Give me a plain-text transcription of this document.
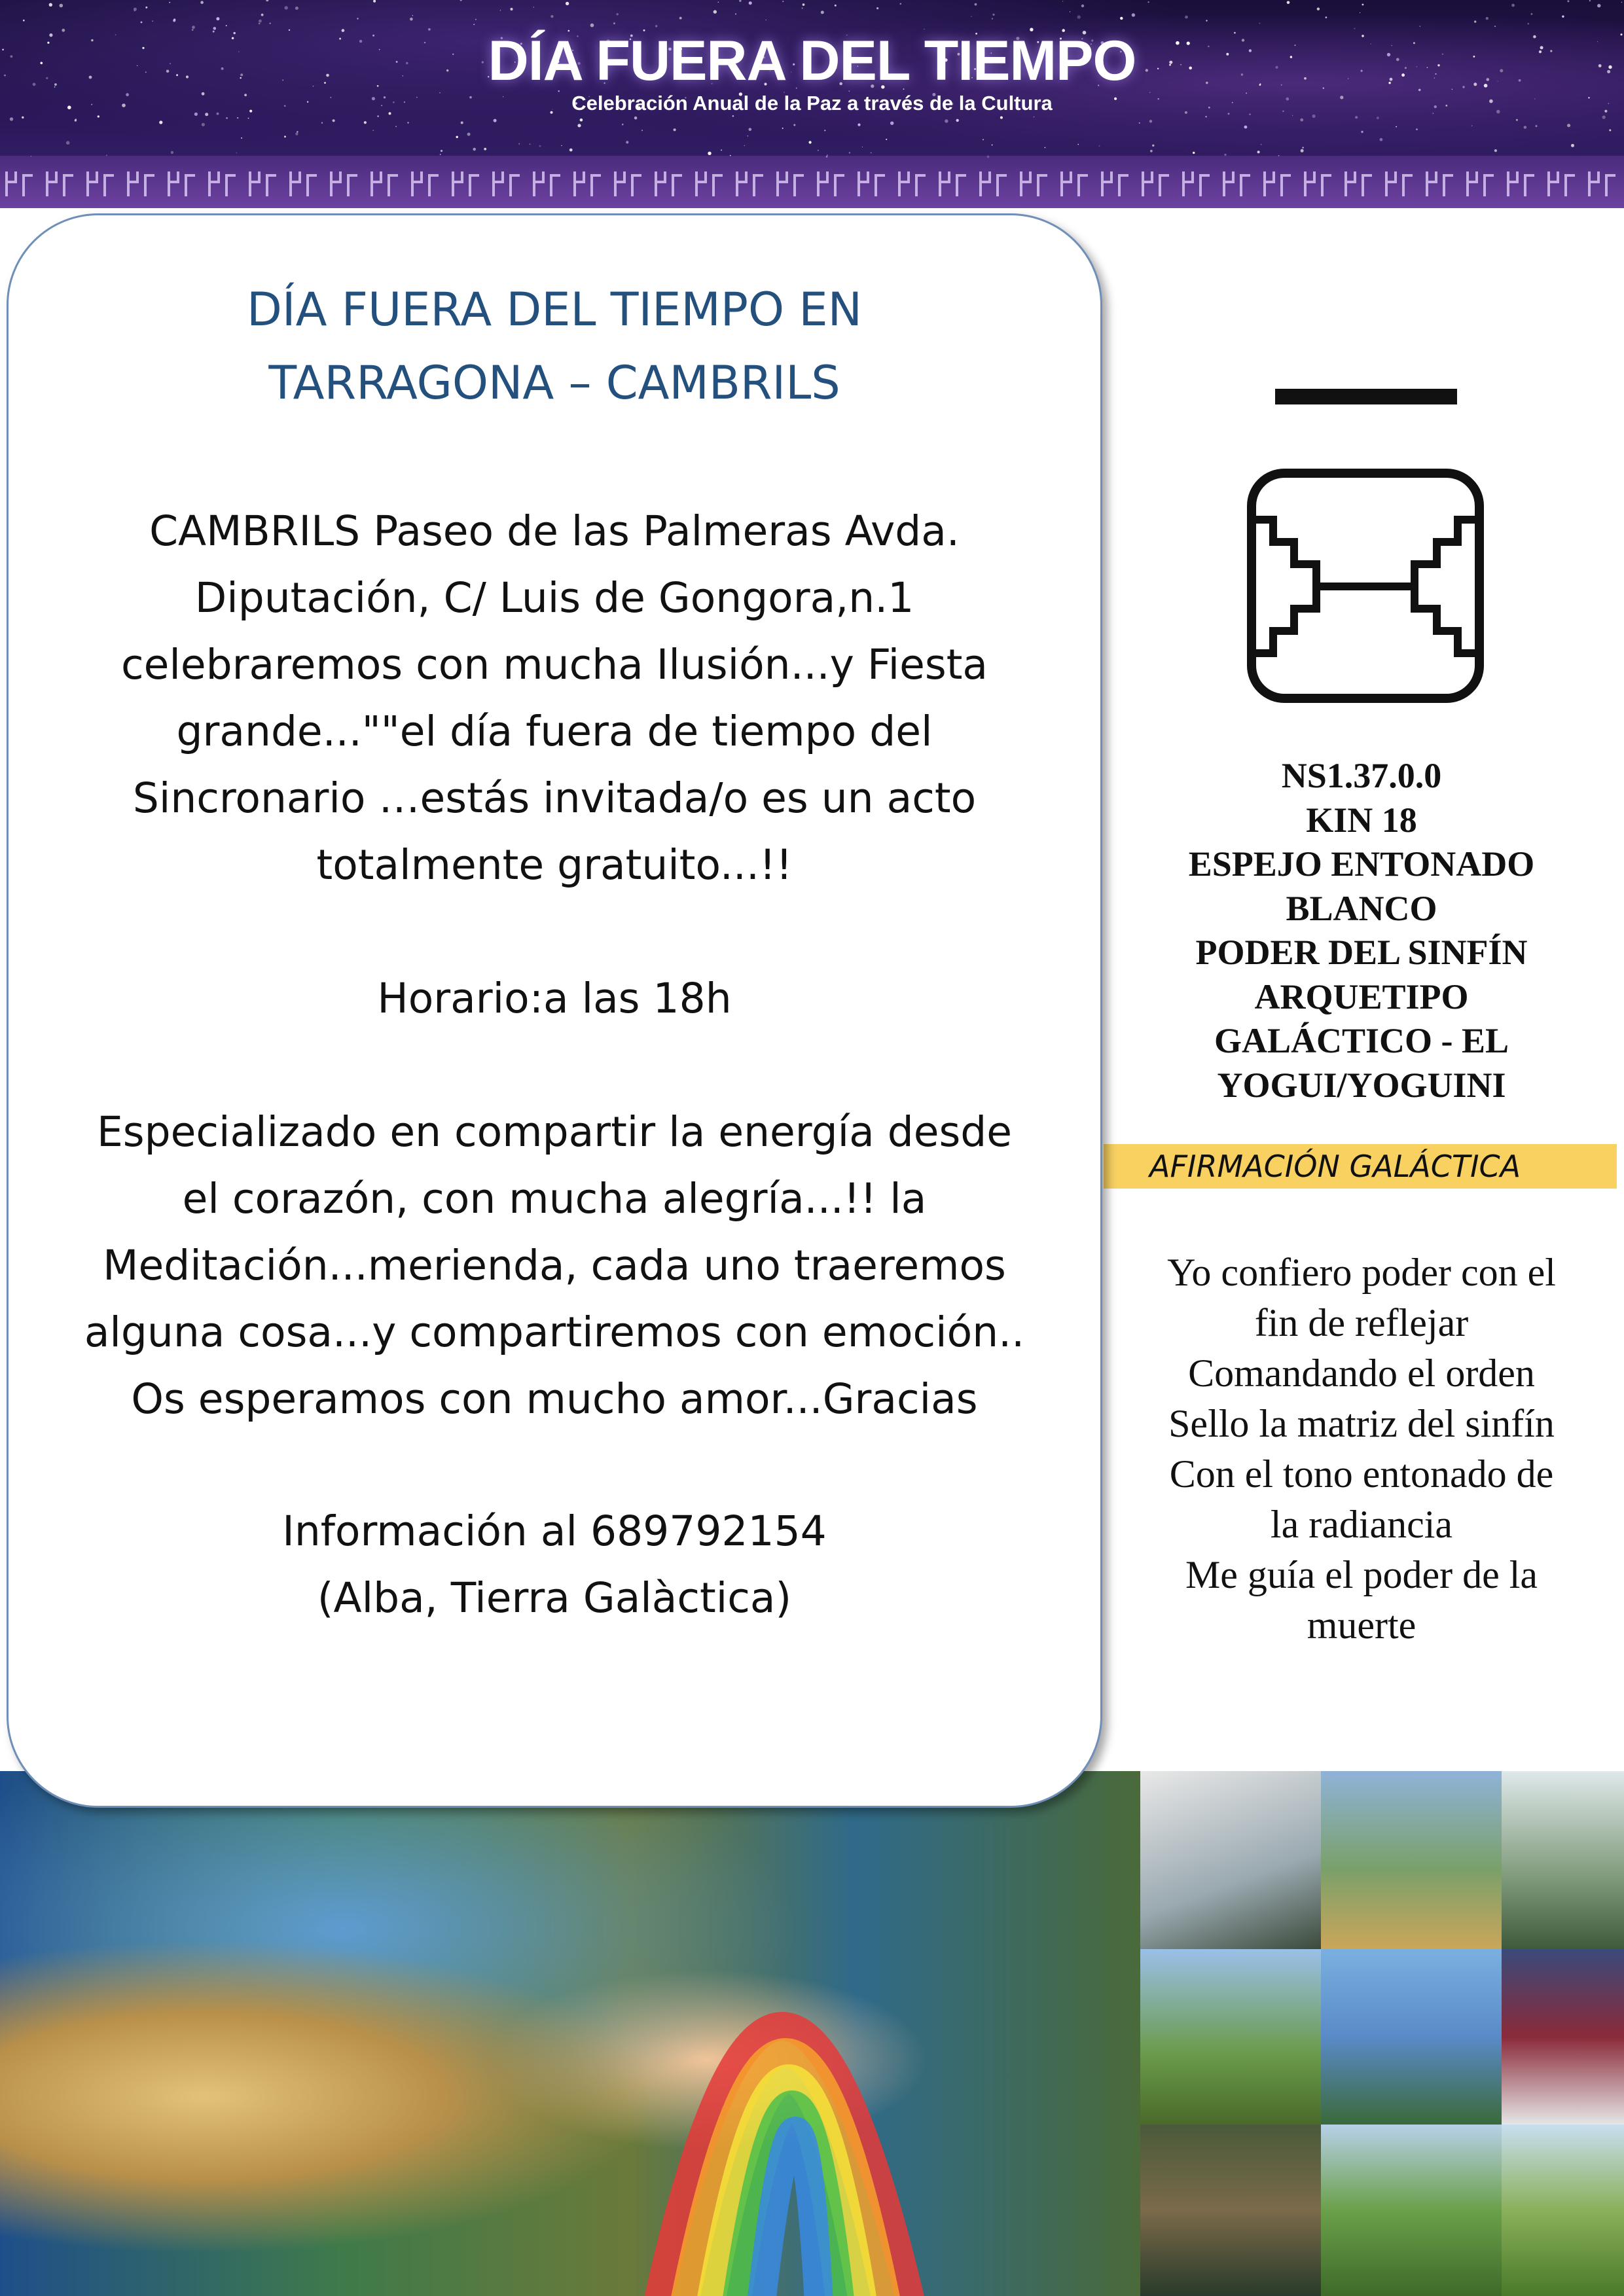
DÍA FUERA DEL TIEMPO
Celebración Anual de la Paz a través de la Cultura
DÍA FUERA DEL TIEMPO EN
TARRAGONA – CAMBRILS
CAMBRILS Paseo de las Palmeras Avda.
Diputación, C/ Luis de Gongora,n.1
celebraremos con mucha Ilusión...y Fiesta
grande...""el día fuera de tiempo del
Sincronario …estás invitada/o es un acto
totalmente gratuito...!!
Horario:a las 18h
Especializado en compartir la energía desde
el corazón, con mucha alegría...!! la
Meditación...merienda, cada uno traeremos
alguna cosa...y compartiremos con emoción..
Os esperamos con mucho amor...Gracias
Información al 689792154
(Alba, Tierra Galàctica)
NS1.37.0.0
KIN 18
ESPEJO ENTONADO
BLANCO
PODER DEL SINFÍN
ARQUETIPO
GALÁCTICO - EL
YOGUI/YOGUINI
AFIRMACIÓN GALÁCTICA
Yo confiero poder con el
fin de reflejar
Comandando el orden
Sello la matriz del sinfín
Con el tono entonado de
la radiancia
Me guía el poder de la
muerte
